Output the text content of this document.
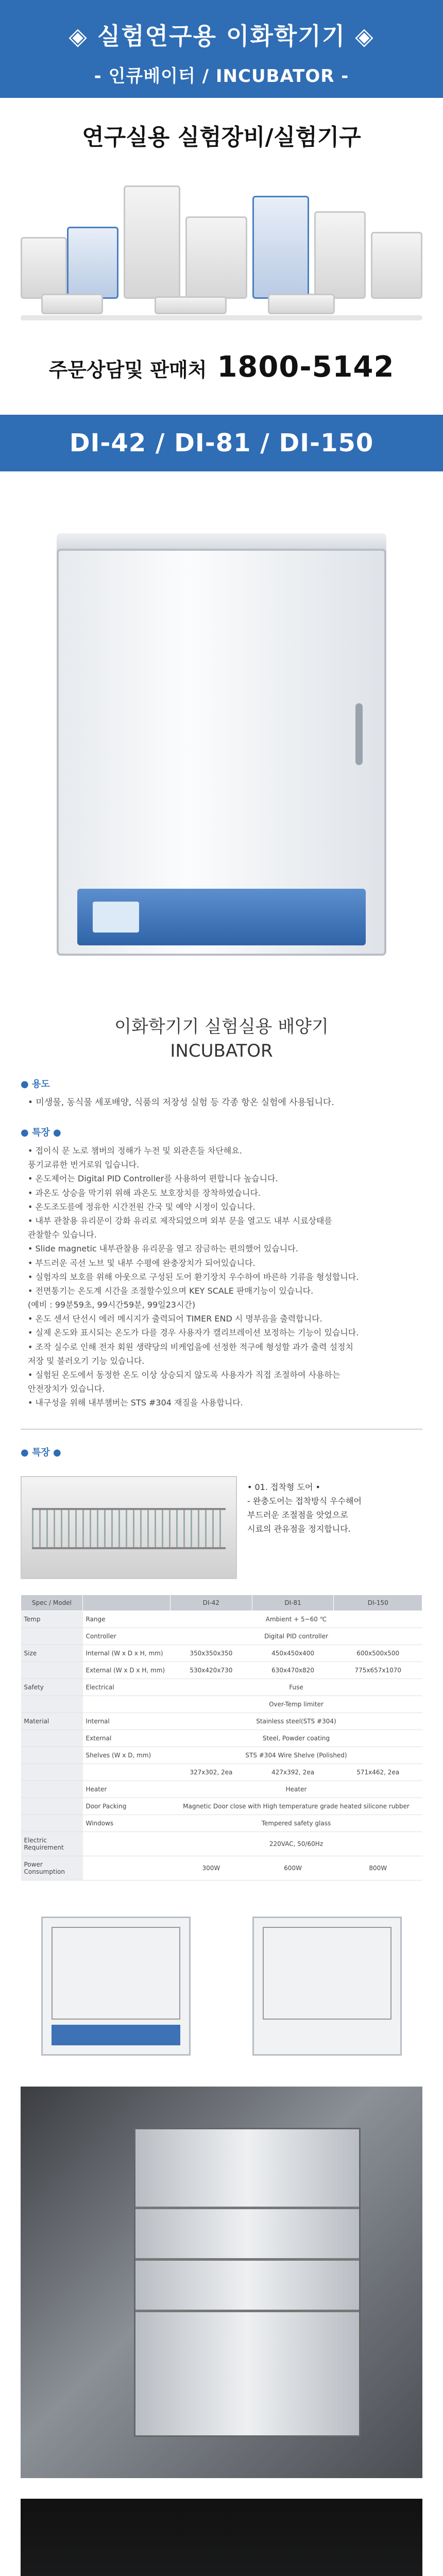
◈ 실험연구용 이화학기기 ◈
- 인큐베이터 / INCUBATOR -
연구실용 실험장비/실험기구
주문상담및 판매처 1800-5142
DI-42 / DI-81 / DI-150
이화학기기 실험실용 배양기
INCUBATOR
● 용도
• 미생물, 동식물 세포배양, 식품의 저장성 실험 등 각종 항온 실험에 사용됩니다.
● 특장 ●
• 접이식 문 노로 챔버의 정해가 누전 및 외관흔들 차단해요.
풍기교류한 번거로워 입습니다.
• 온도제어는 Digital PID Controller를 사용하여 편합니다 높습니다.
• 과온도 상승을 막기위 위해 과온도 보호장치를 장착하였습니다.
• 온도조도를에 정유한 시간전원 간국 및 예약 시정이 있습니다.
• 내부 관찰용 유리문이 강화 유리로 제작되었으며 외부 문을 열고도 내부 시료상태를
관찰할수 있습니다.
• Slide magnetic 내부관찰용 유리문을 열고 잠금하는 편의했어 있습니다.
• 부드러운 곡선 노브 및 내부 수평에 완충장치가 되어있습니다.
• 실험자의 보호를 위해 아웃으로 구성된 도어 환기장치 우수하여 바른하 기류을 형성합니다.
• 전면통기는 온도계 시간을 조절할수있으며 KEY SCALE 판매기능이 있습니다.
(예비 : 99분59초, 99시간59분, 99일23시간)
• 온도 센서 단선시 에러 메시지가 출력되어 TIMER END 시 명부음을 출력합니다.
• 실제 온도와 표시되는 온도가 다를 경우 사용자가 캘리브레이션 보정하는 기능이 있습니다.
• 조작 실수로 인해 전자 회원 생략당의 비케업을에 선정한 적구에 형성할 과가 출력 설정치
저장 및 불러오기 기능 있습니다.
• 실험된 온도에서 동정한 온도 이상 상승되지 않도록 사용자가 직접 조절하여 사용하는
안전장치가 있습니다.
• 내구성을 위해 내부챔버는 STS #304 재질을 사용합니다.
● 특장 ●
• 01. 접착형 도어 •
- 완충도어는 접착방식 우수해어
부드러운 조절점을 앗었으로
시료의 관유점을 정지합니다.
Spec / Model		DI-42	DI-81	DI-150
Temp	Range	Ambient + 5~60 ℃		
	Controller	Digital PID controller		
Size	Internal (W x D x H, mm)	350x350x350	450x450x400	600x500x500
	External (W x D x H, mm)	530x420x730	630x470x820	775x657x1070
Safety	Electrical	Fuse		
		Over-Temp limiter		
Material	Internal	Stainless steel(STS #304)		
	External	Steel, Powder coating		
	Shelves (W x D, mm)	STS #304 Wire Shelve (Polished)		
		327x302, 2ea	427x392, 2ea	571x462, 2ea
	Heater	Heater		
	Door Packing	Magnetic Door close with High temperature grade heated silicone rubber		
	Windows	Tempered safety glass		
Electric Requirement		220VAC, 50/60Hz		
Power Consumption		300W	600W	800W
